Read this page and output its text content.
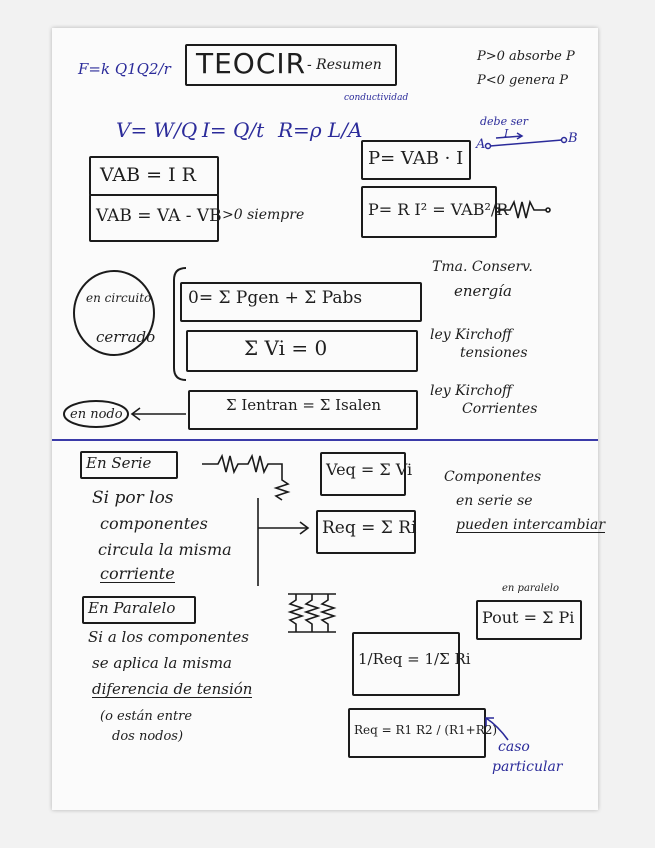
F=k Q1Q2/r TEOCIR - Resumen
P>0 absorbe P
P<0 genera P
V= W/Q I= Q/t R=ρ L/A
conductividad
debe ser
I
A	B
VAB = I R
VAB = VA - VB >0 siempre
P= VAB · I
P= R I² = VAB²/R
en circuito
cerrado
0= Σ Pgen + Σ Pabs
Tma. Conserv.
energía
Σ Vi = 0
ley Kirchoff
tensiones
en nodo
Σ Ientran = Σ Isalen
ley Kirchoff
Corrientes
En Serie
Si por los
componentes
circula la misma
corriente
Veq = Σ Vi
Req = Σ Ri
Componentes
en serie se
pueden intercambiar
En Paralelo
Si a los componentes
se aplica la misma
diferencia de tensión
(o están entre
dos nodos)
1/Req = 1/Σ Ri
Req = R1 R2 / (R1+R2)
caso
particular
en paralelo
Pout = Σ Pi
